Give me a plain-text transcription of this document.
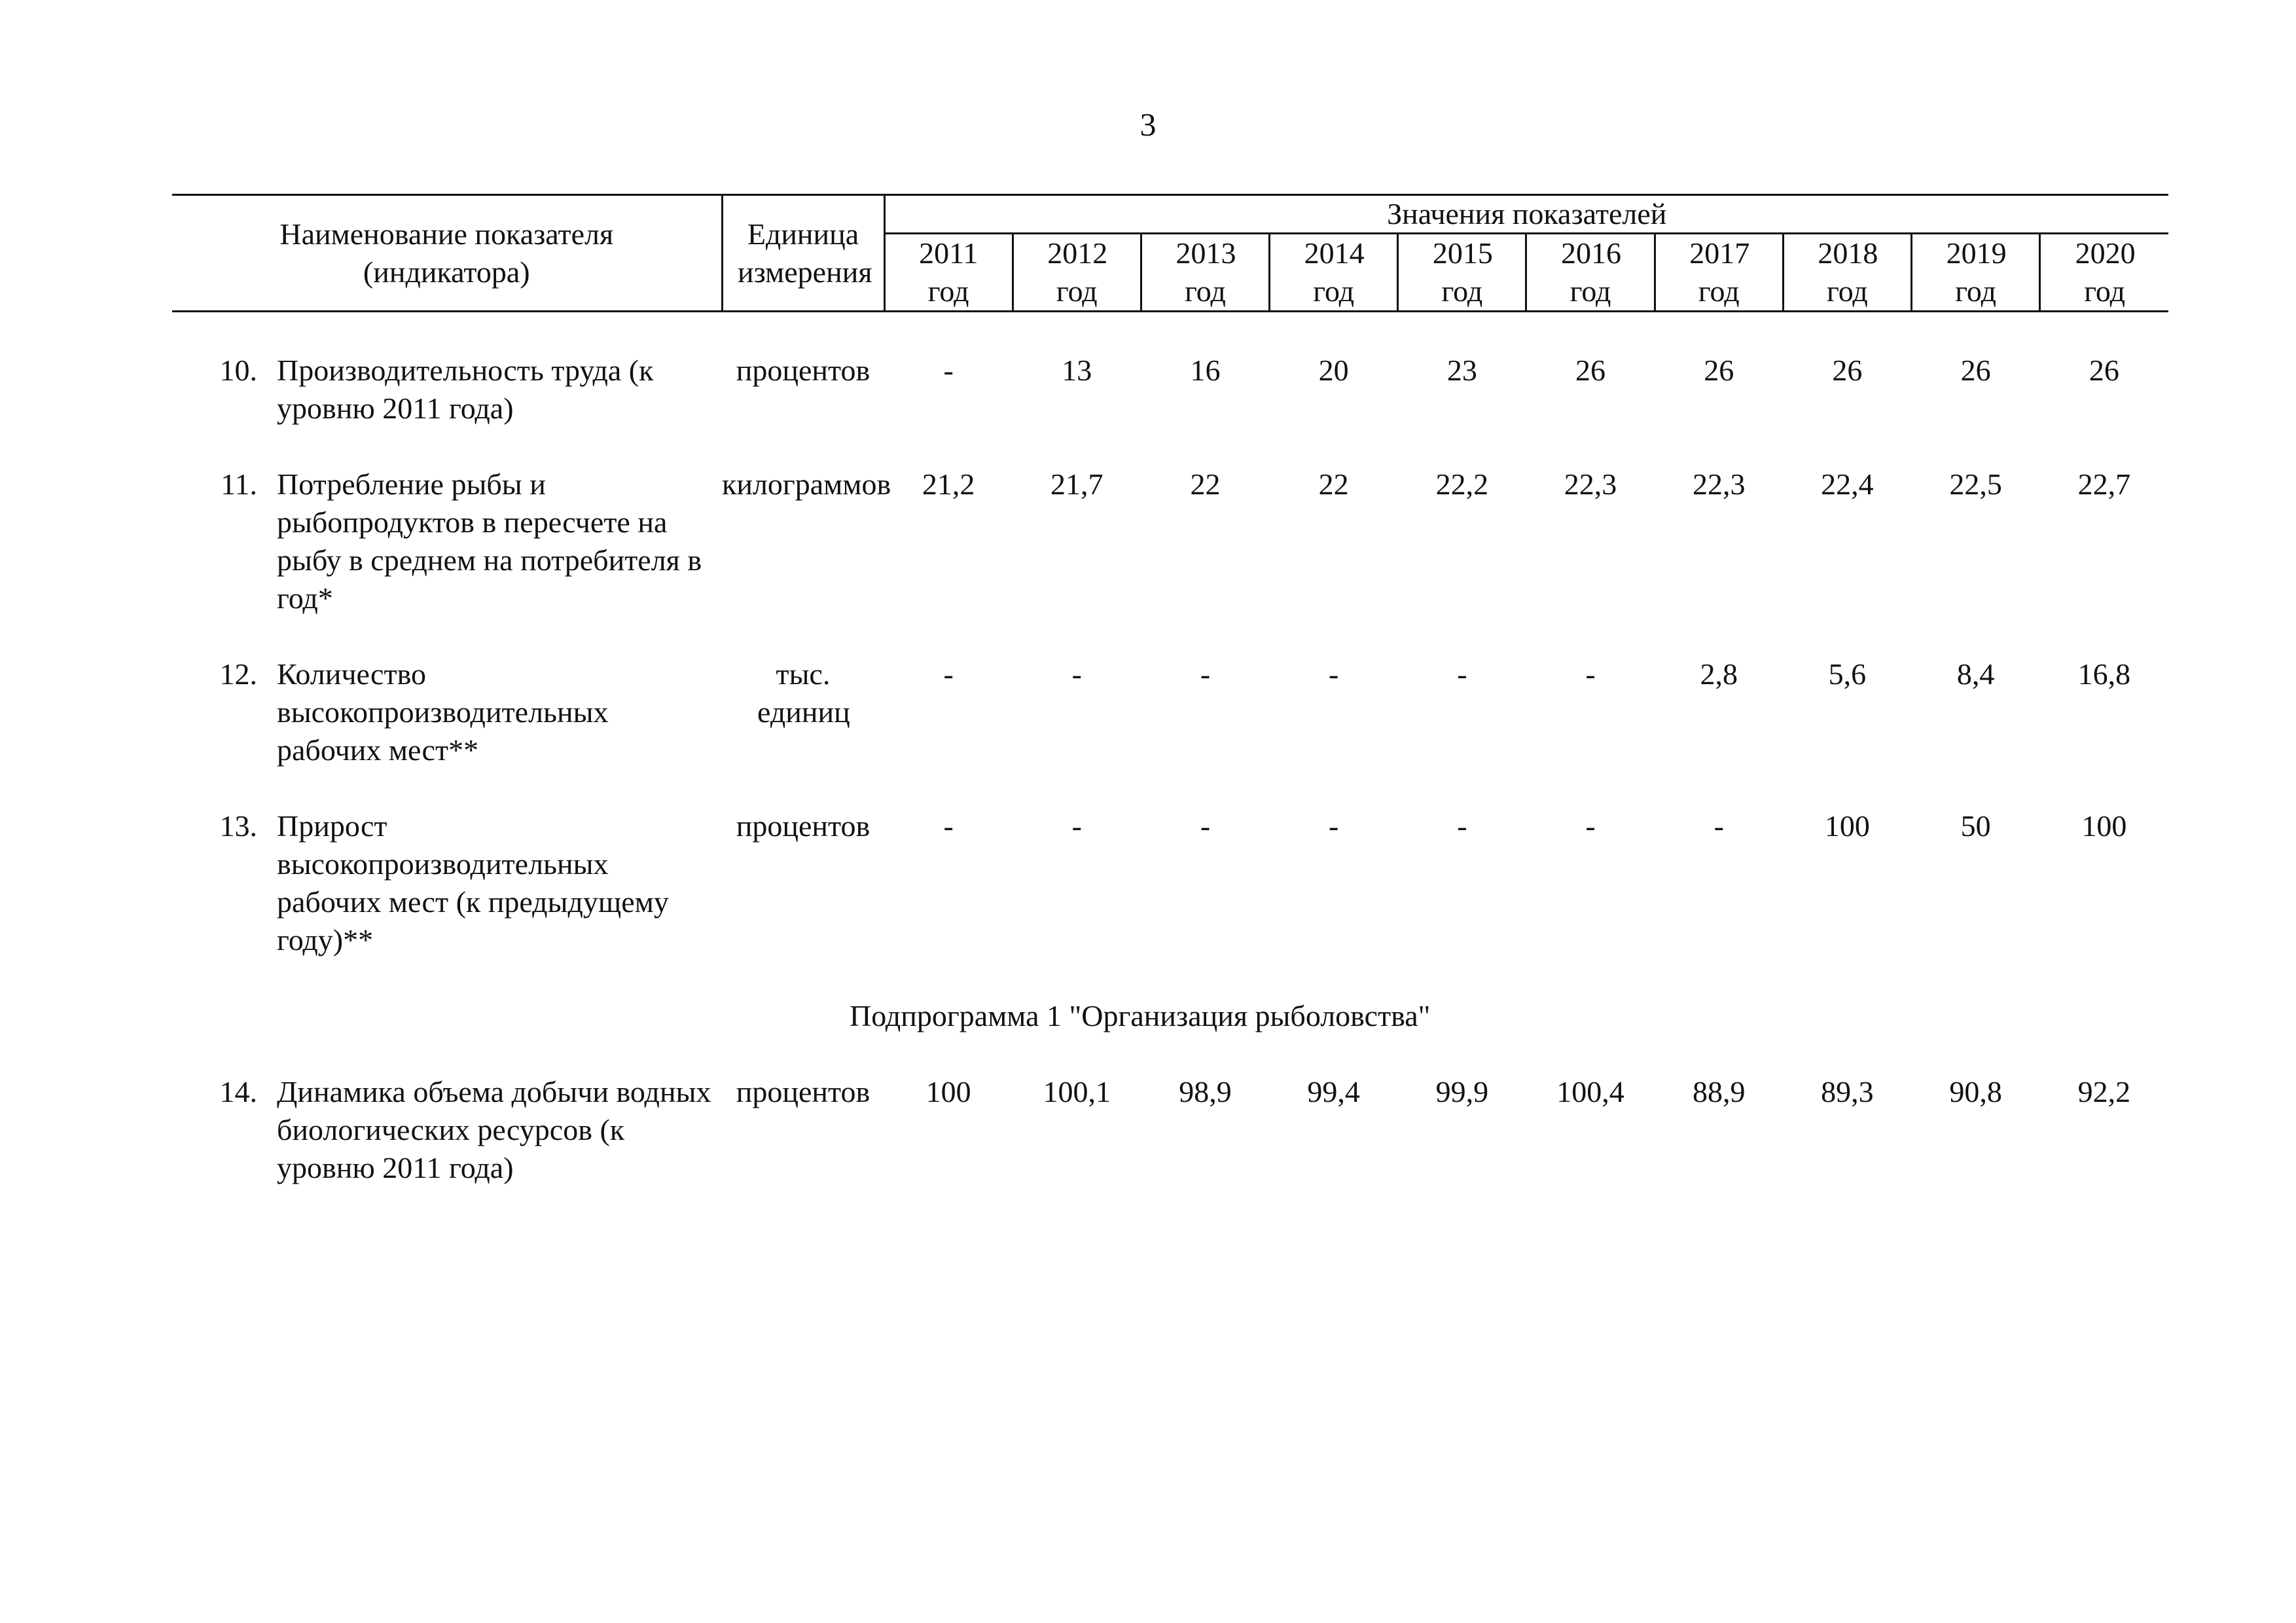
3
Наименование показателя (индикатора)	Единица измерения	Значения показателей									

		2011 год	2012 год	2013 год	2014 год	2015 год	2016 год	2017 год	2018 год	2019 год	2020 год

10. Производительность труда (к уровню 2011 года)	процентов	-	13	16	20	23	26	26	26	26	26

11. Потребление рыбы и рыбопродуктов в пересчете на рыбу в среднем на потребителя в год*	килограммов	21,2	21,7	22	22	22,2	22,3	22,3	22,4	22,5	22,7

12. Количество высокопроизводительных рабочих мест**	тыс. единиц	-	-	-	-	-	-	2,8	5,6	8,4	16,8

13. Прирост высокопроизводительных рабочих мест (к предыдущему году)**	процентов	-	-	-	-	-	-	-	100	50	100

Подпрограмма 1 "Организация рыболовства"											

14. Динамика объема добычи водных биологических ресурсов (к уровню 2011 года)	процентов	100	100,1	98,9	99,4	99,9	100,4	88,9	89,3	90,8	92,2
